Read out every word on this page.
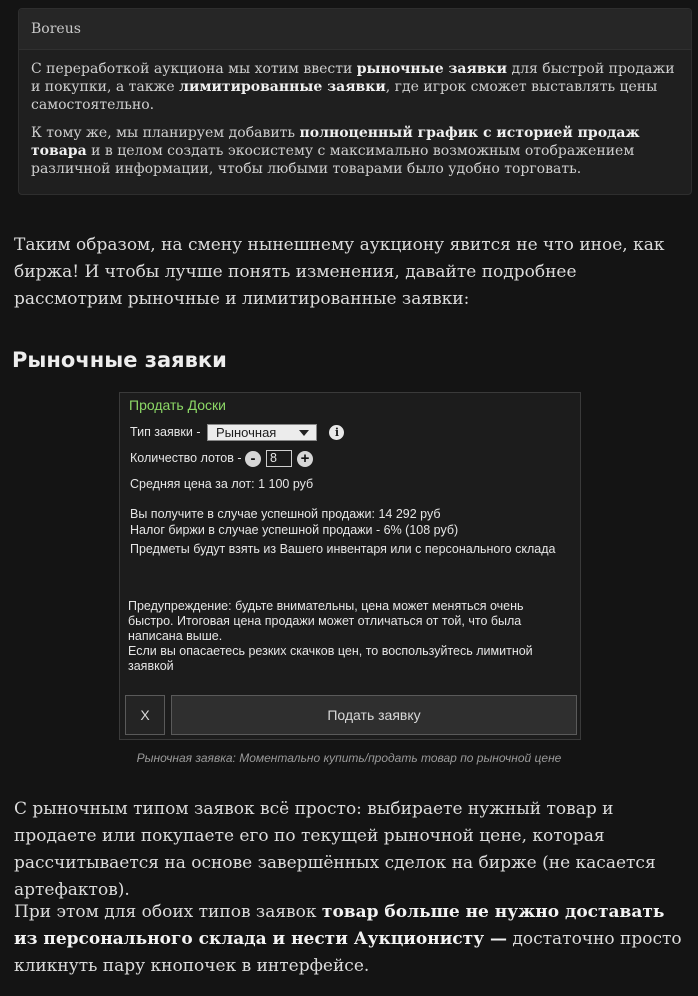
Boreus

С переработкой аукциона мы хотим ввести рыночные заявки для быстрой продажи и покупки, а также лимитированные заявки, где игрок сможет выставлять цены самостоятельно.

К тому же, мы планируем добавить полноценный график с историей продаж товара и в целом создать экосистему с максимально возможным отображением различной информации, чтобы любыми товарами было удобно торговать.

Таким образом, на смену нынешнему аукциону явится не что иное, как биржа! И чтобы лучше понять изменения, давайте подробнее рассмотрим рыночные и лимитированные заявки:

Рыночные заявки
Продать Доски
Тип заявки - Рыночная	i
Количество лотов - - 8 +
Средняя цена за лот: 1 100 руб
Вы получите в случае успешной продажи: 14 292 руб
Налог биржи в случае успешной продажи - 6% (108 руб)
Предметы будут взять из Вашего инвентаря или с персонального склада
Предупреждение: будьте внимательны, цена может меняться очень
быстро. Итоговая цена продажи может отличаться от той, что была
написана выше.
Если вы опасаетесь резких скачков цен, то воспользуйтесь лимитной
заявкой
X	Подать заявку
Рыночная заявка: Моментально купить/продать товар по рыночной цене

С рыночным типом заявок всё просто: выбираете нужный товар и продаете или покупаете его по текущей рыночной цене, которая рассчитывается на основе завершённых сделок на бирже (не касается артефактов).

При этом для обоих типов заявок товар больше не нужно доставать из персонального склада и нести Аукционисту — достаточно просто кликнуть пару кнопочек в интерфейсе.
